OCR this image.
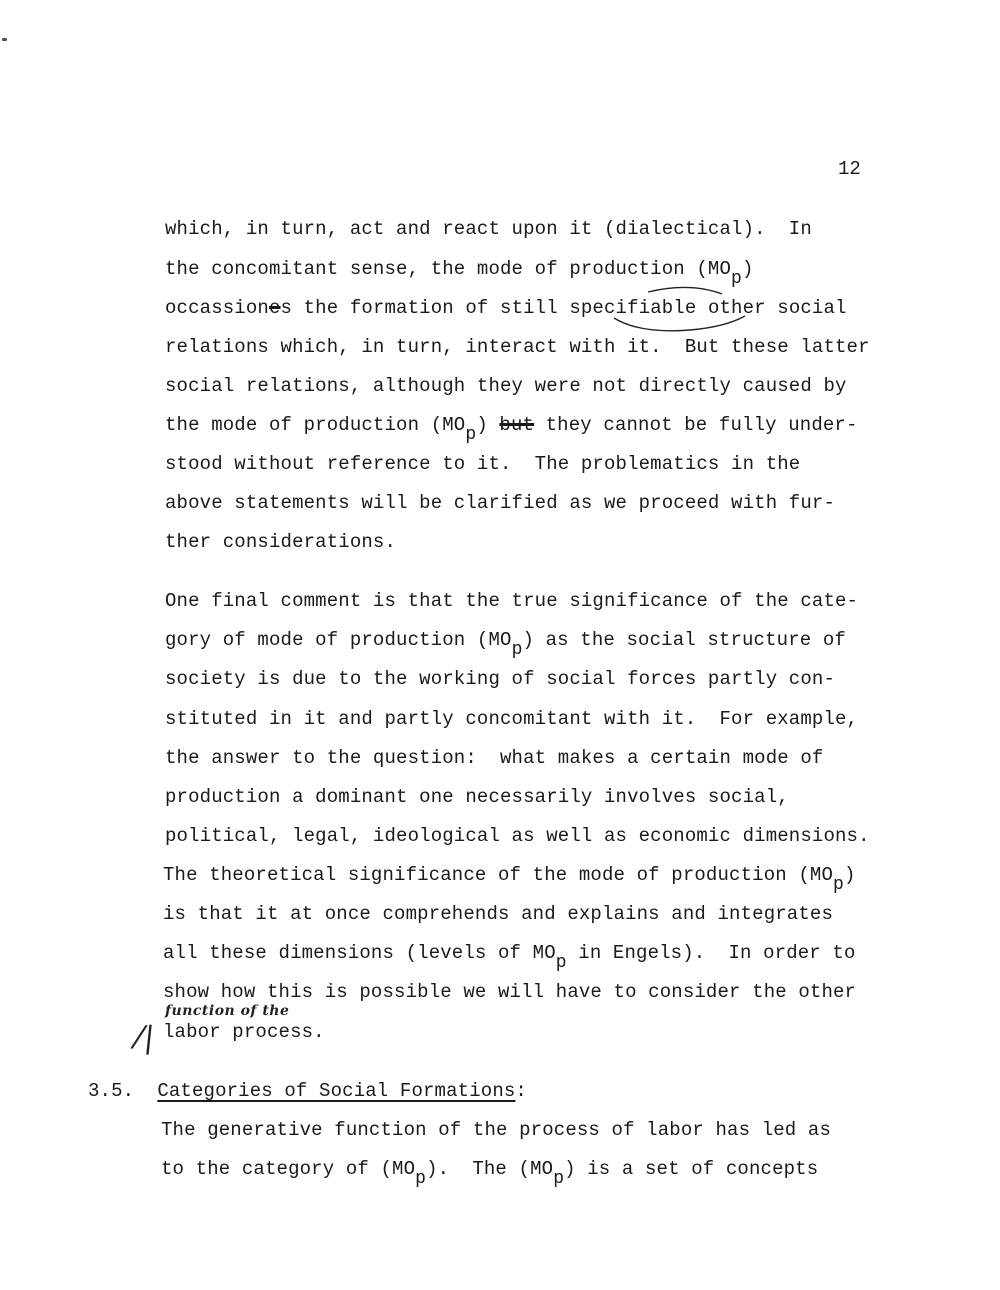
12
which, in turn, act and react upon it (dialectical).  In
the concomitant sense, the mode of production (MOp)
occassiones the formation of still specifiable other social
relations which, in turn, interact with it.  But these latter
social relations, although they were not directly caused by
the mode of production (MOp) but they cannot be fully under-
stood without reference to it.  The problematics in the
above statements will be clarified as we proceed with fur-
ther considerations.
One final comment is that the true significance of the cate-
gory of mode of production (MOp) as the social structure of
society is due to the working of social forces partly con-
stituted in it and partly concomitant with it.  For example,
the answer to the question:  what makes a certain mode of
production a dominant one necessarily involves social,
political, legal, ideological as well as economic dimensions.
The theoretical significance of the mode of production (MOp)
is that it at once comprehends and explains and integrates
all these dimensions (levels of MOp in Engels).  In order to
show how this is possible we will have to consider the other
labor process.
3.5.  Categories of Social Formations:
The generative function of the process of labor has led as
to the category of (MOp).  The (MOp) is a set of concepts
function of the
/|
